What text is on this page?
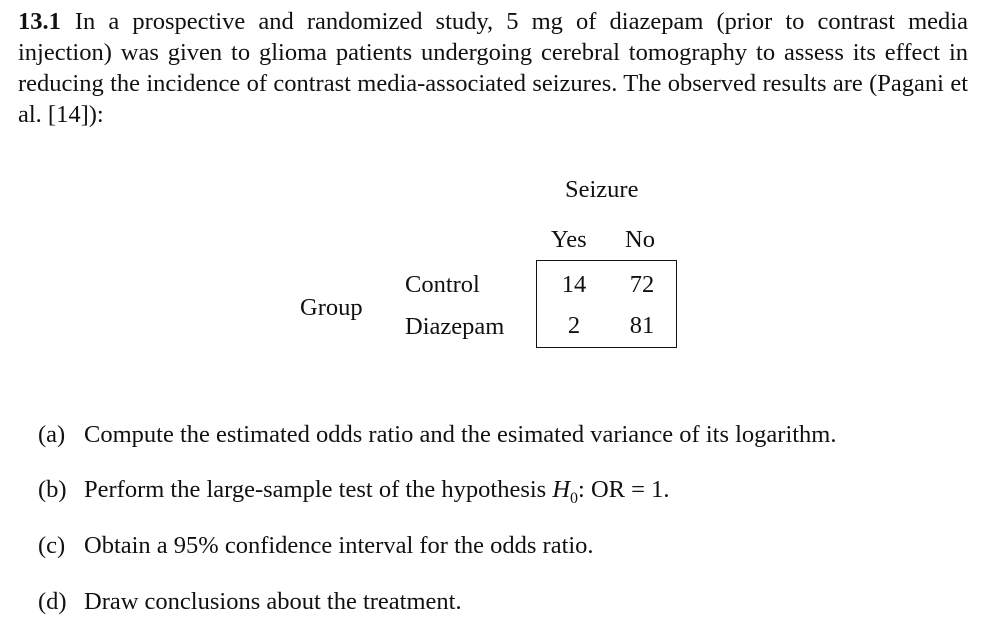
13.1 In a prospective and randomized study, 5 mg of diazepam (prior to contrast media injection) was given to glioma patients undergoing cerebral tomography to assess its effect in reducing the incidence of contrast media-associated seizures. The observed results are (Pagani et al. [14]):
Seizure
Yes No
Group
Control
Diazepam
14	72
2	81
(a) Compute the estimated odds ratio and the esimated variance of its logarithm.
(b) Perform the large-sample test of the hypothesis $H_0$: OR = 1.
(c) Obtain a 95% confidence interval for the odds ratio.
(d) Draw conclusions about the treatment.
